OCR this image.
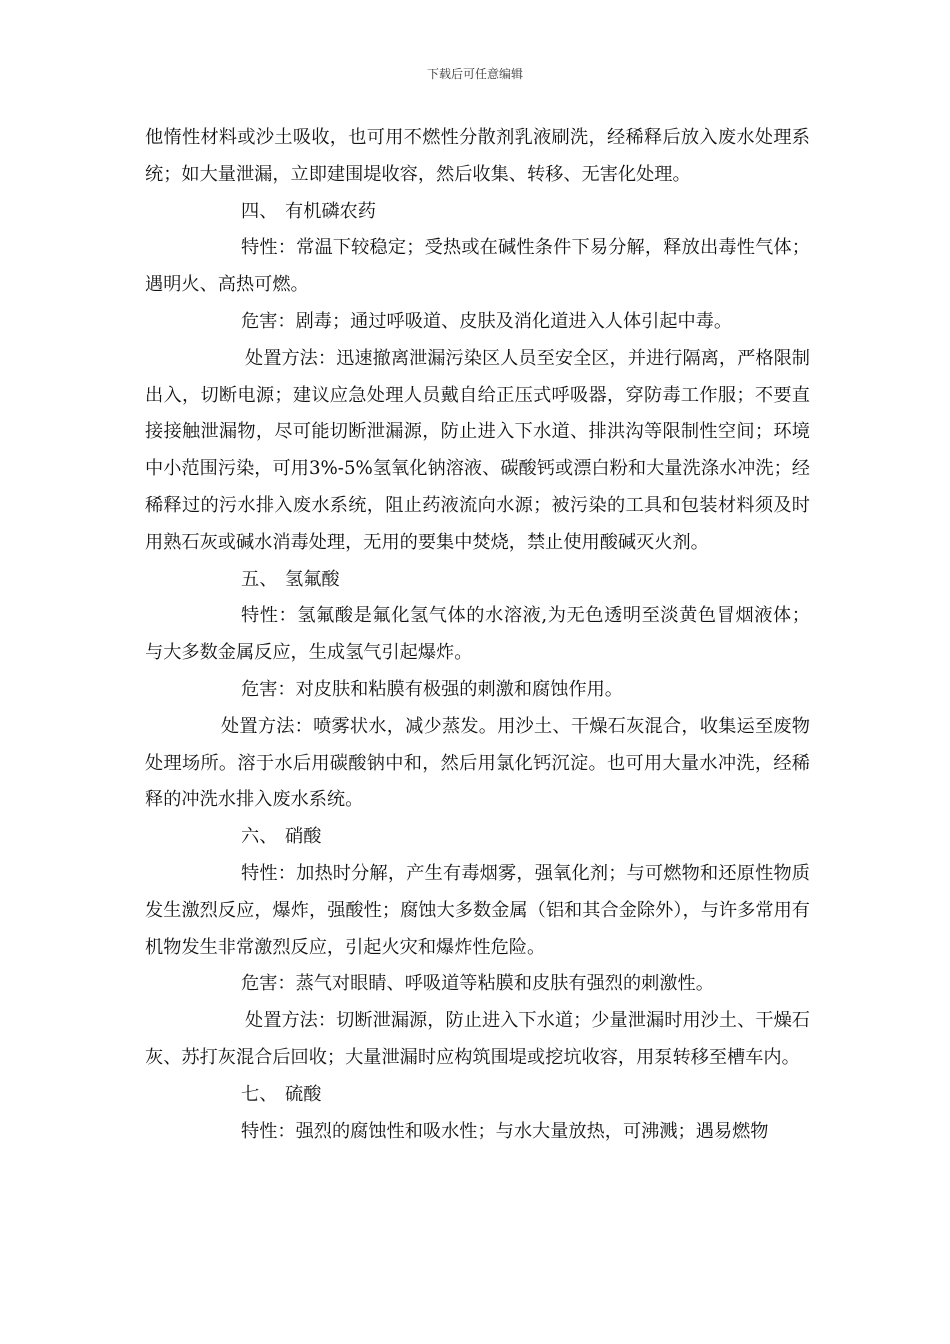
下载后可任意编辑

他惰性材料或沙土吸收，也可用不燃性分散剂乳液刷洗，经稀释后放入废水处理系统；如大量泄漏，立即建围堤收容，然后收集、转移、无害化处理。

四、 有机磷农药

特性：常温下较稳定；受热或在碱性条件下易分解，释放出毒性气体；遇明火、高热可燃。

危害：剧毒；通过呼吸道、皮肤及消化道进入人体引起中毒。

处置方法：迅速撤离泄漏污染区人员至安全区，并进行隔离，严格限制出入，切断电源；建议应急处理人员戴自给正压式呼吸器，穿防毒工作服；不要直接接触泄漏物，尽可能切断泄漏源，防止进入下水道、排洪沟等限制性空间；环境中小范围污染，可用3%-5%氢氧化钠溶液、碳酸钙或漂白粉和大量洗涤水冲洗；经稀释过的污水排入废水系统，阻止药液流向水源；被污染的工具和包装材料须及时用熟石灰或碱水消毒处理，无用的要集中焚烧，禁止使用酸碱灭火剂。

五、 氢氟酸

特性：氢氟酸是氟化氢气体的水溶液,为无色透明至淡黄色冒烟液体；与大多数金属反应，生成氢气引起爆炸。

危害：对皮肤和粘膜有极强的刺激和腐蚀作用。

处置方法：喷雾状水，减少蒸发。用沙土、干燥石灰混合，收集运至废物处理场所。溶于水后用碳酸钠中和，然后用氯化钙沉淀。也可用大量水冲洗，经稀释的冲洗水排入废水系统。

六、 硝酸

特性：加热时分解，产生有毒烟雾，强氧化剂；与可燃物和还原性物质发生激烈反应，爆炸，强酸性；腐蚀大多数金属（铝和其合金除外），与许多常用有机物发生非常激烈反应，引起火灾和爆炸性危险。

危害：蒸气对眼睛、呼吸道等粘膜和皮肤有强烈的刺激性。

处置方法：切断泄漏源，防止进入下水道；少量泄漏时用沙土、干燥石灰、苏打灰混合后回收；大量泄漏时应构筑围堤或挖坑收容，用泵转移至槽车内。

七、 硫酸

特性：强烈的腐蚀性和吸水性；与水大量放热，可沸溅；遇易燃物
